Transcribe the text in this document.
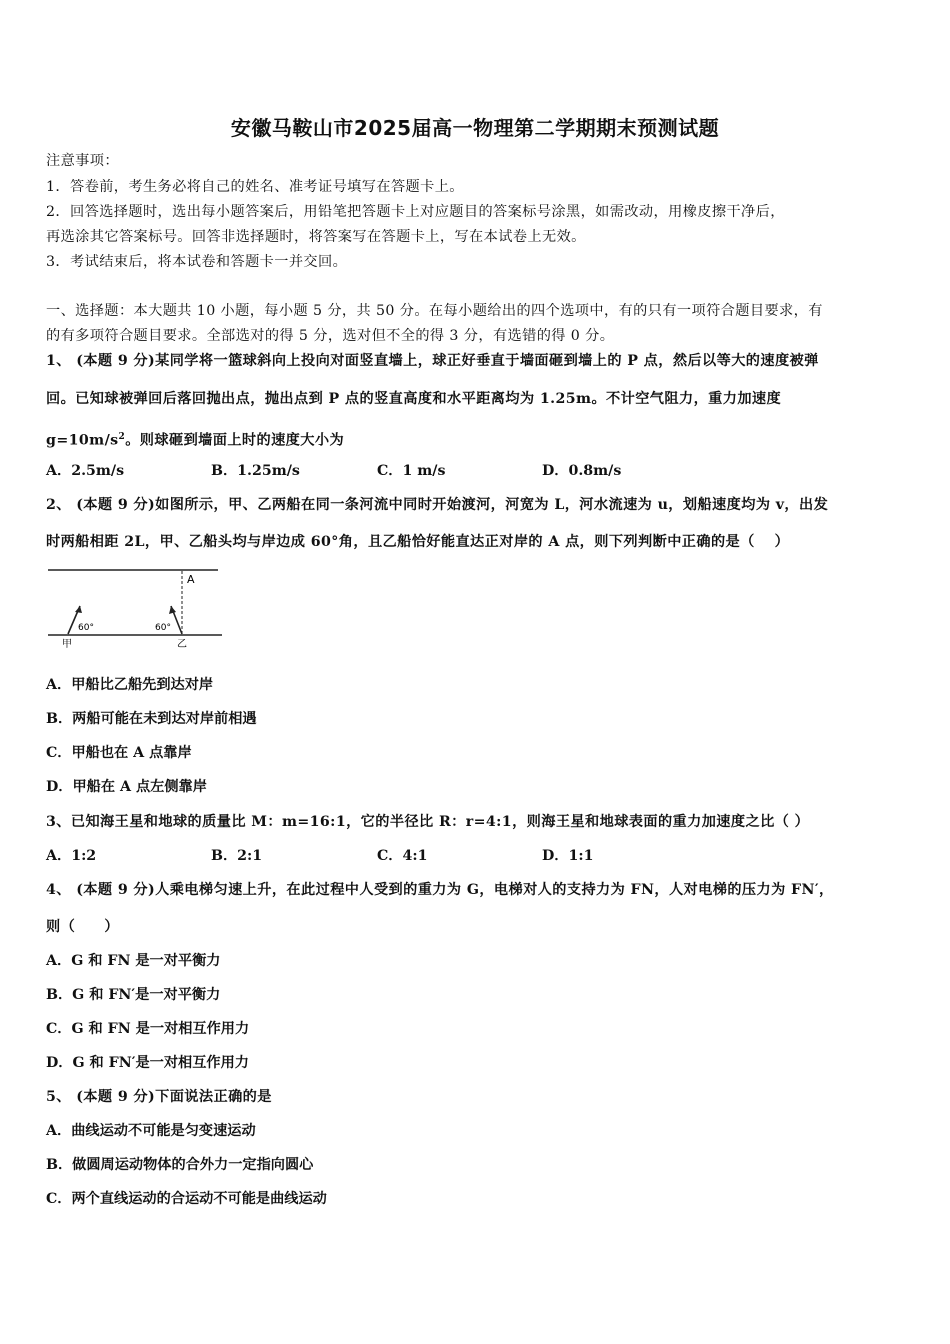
安徽马鞍山市2025届高一物理第二学期期末预测试题
注意事项：
1．答卷前，考生务必将自己的姓名、准考证号填写在答题卡上。
2．回答选择题时，选出每小题答案后，用铅笔把答题卡上对应题目的答案标号涂黑，如需改动，用橡皮擦干净后，
再选涂其它答案标号。回答非选择题时，将答案写在答题卡上，写在本试卷上无效。
3．考试结束后，将本试卷和答题卡一并交回。
一、选择题：本大题共 10 小题，每小题 5 分，共 50 分。在每小题给出的四个选项中，有的只有一项符合题目要求，有
的有多项符合题目要求。全部选对的得 5 分，选对但不全的得 3 分，有选错的得 0 分。
1、 (本题 9 分)某同学将一篮球斜向上投向对面竖直墙上，球正好垂直于墙面砸到墙上的 P 点，然后以等大的速度被弹
回。已知球被弹回后落回抛出点，抛出点到 P 点的竖直高度和水平距离均为 1.25m。不计空气阻力，重力加速度
$g=10m/s^2$。则球砸到墙面上时的速度大小为
A．2.5m/s	B．1.25m/s	C．1 m/s	D．0.8m/s
2、 (本题 9 分)如图所示，甲、乙两船在同一条河流中同时开始渡河，河宽为 L，河水流速为 u，划船速度均为 v，出发
时两船相距 2L，甲、乙船头均与岸边成 60°角，且乙船恰好能直达正对岸的 A 点，则下列判断中正确的是（　 ）
A
60°	60°
甲	乙
A．甲船比乙船先到达对岸
B．两船可能在未到达对岸前相遇
C．甲船也在 A 点靠岸
D．甲船在 A 点左侧靠岸
3、已知海王星和地球的质量比 M：m=16:1，它的半径比 R：r=4:1，则海王星和地球表面的重力加速度之比（ ）
A．1:2	B．2:1	C．4:1	D．1:1
4、 (本题 9 分)人乘电梯匀速上升，在此过程中人受到的重力为 G，电梯对人的支持力为 FN，人对电梯的压力为 FN′，
则（　　）
A．G 和 FN 是一对平衡力
B．G 和 FN′是一对平衡力
C．G 和 FN 是一对相互作用力
D．G 和 FN′是一对相互作用力
5、 (本题 9 分)下面说法正确的是
A．曲线运动不可能是匀变速运动
B．做圆周运动物体的合外力一定指向圆心
C．两个直线运动的合运动不可能是曲线运动
